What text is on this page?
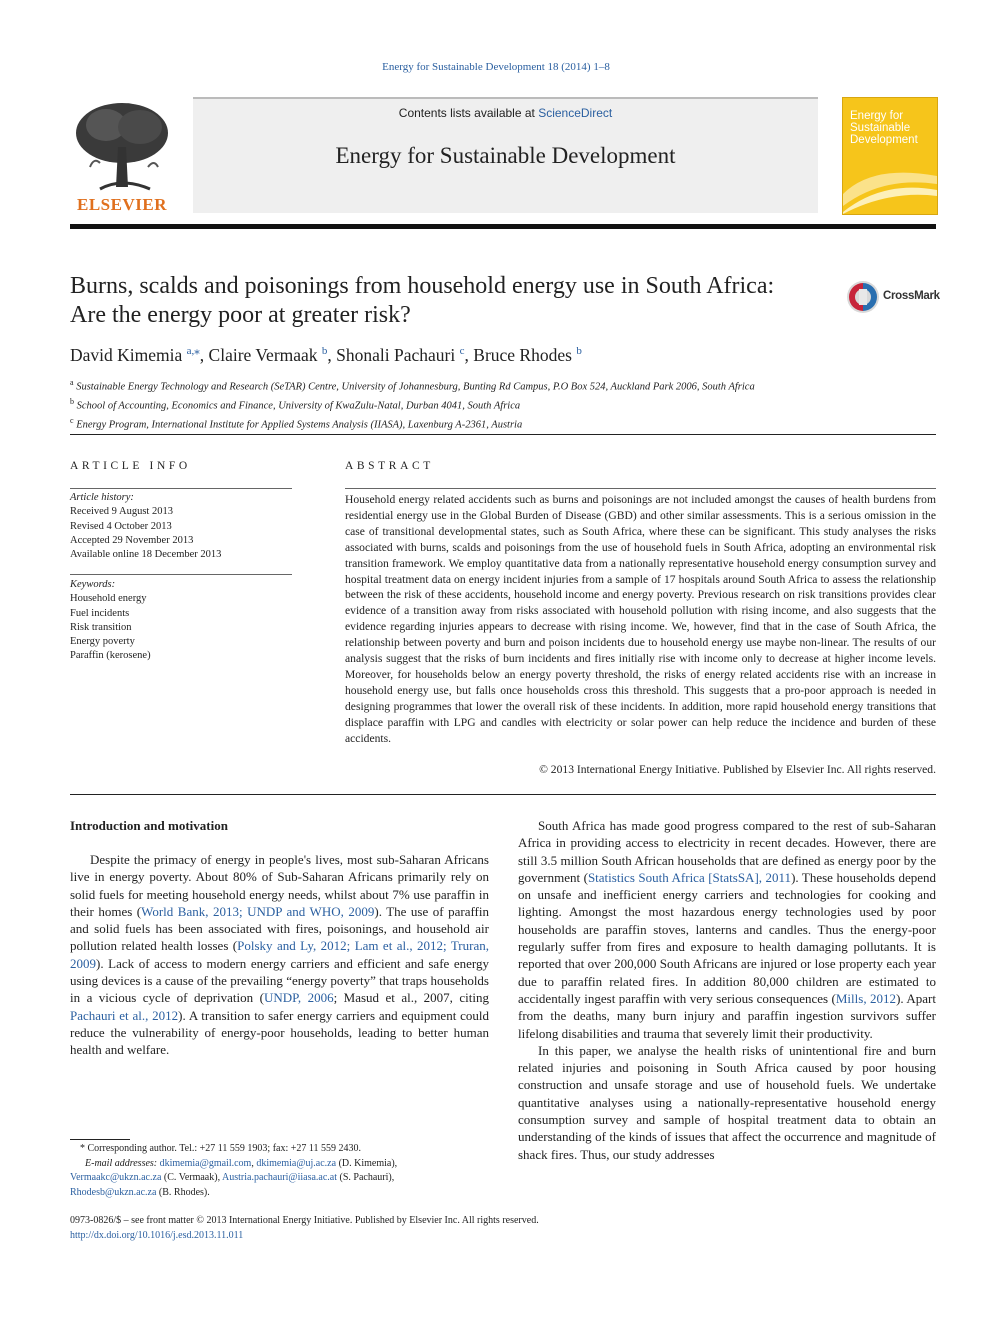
Energy for Sustainable Development 18 (2014) 1–8
ELSEVIER
Contents lists available at ScienceDirect
Energy for Sustainable Development
Energy for Sustainable Development
Burns, scalds and poisonings from household energy use in South Africa:
Are the energy poor at greater risk?
CrossMark
David Kimemia $^{a,⁎}$, Claire Vermaak $^b$, Shonali Pachauri $^c$, Bruce Rhodes $^b$
$^a$ Sustainable Energy Technology and Research (SeTAR) Centre, University of Johannesburg, Bunting Rd Campus, P.O Box 524, Auckland Park 2006, South Africa
$^b$ School of Accounting, Economics and Finance, University of KwaZulu-Natal, Durban 4041, South Africa
$^c$ Energy Program, International Institute for Applied Systems Analysis (IIASA), Laxenburg A-2361, Austria
ARTICLE INFO	ABSTRACT
Article history:
Received 9 August 2013
Revised 4 October 2013
Accepted 29 November 2013
Available online 18 December 2013
Keywords:
Household energy
Fuel incidents
Risk transition
Energy poverty
Paraffin (kerosene)
Household energy related accidents such as burns and poisonings are not included amongst the causes of health burdens from residential energy use in the Global Burden of Disease (GBD) and other similar assessments. This is a serious omission in the case of transitional developmental states, such as South Africa, where these can be significant. This study analyses the risks associated with burns, scalds and poisonings from the use of household fuels in South Africa, adopting an environmental risk transition framework. We employ quantitative data from a nationally representative household energy consumption survey and hospital treatment data on energy incident injuries from a sample of 17 hospitals around South Africa to assess the relationship between the risk of these accidents, household income and energy poverty. Previous research on risk transitions provides clear evidence of a transition away from risks associated with household pollution with rising income, and also suggests that the evidence regarding injuries appears to decrease with rising income. We, however, find that in the case of South Africa, the relationship between poverty and burn and poison incidents due to household energy use maybe non-linear. The results of our analysis suggest that the risks of burn incidents and fires initially rise with income only to decrease at higher income levels. Moreover, for households below an energy poverty threshold, the risks of energy related accidents rise with an increase in household energy use, but falls once households cross this threshold. This suggests that a pro-poor approach is needed in designing programmes that lower the overall risk of these incidents. In addition, more rapid household energy transitions that displace paraffin with LPG and candles with electricity or solar power can help reduce the incidence and burden of these accidents.
© 2013 International Energy Initiative. Published by Elsevier Inc. All rights reserved.
Introduction and motivation
Despite the primacy of energy in people's lives, most sub-Saharan Africans live in energy poverty. About 80% of Sub-Saharan Africans primarily rely on solid fuels for meeting household energy needs, whilst about 7% use paraffin in their homes (World Bank, 2013; UNDP and WHO, 2009). The use of paraffin and solid fuels has been associated with fires, poisonings, and household air pollution related health losses (Polsky and Ly, 2012; Lam et al., 2012; Truran, 2009). Lack of access to modern energy carriers and efficient and safe energy using devices is a cause of the prevailing “energy poverty” that traps households in a vicious cycle of deprivation (UNDP, 2006; Masud et al., 2007, citing Pachauri et al., 2012). A transition to safer energy carriers and equipment could reduce the vulnerability of energy-poor households, leading to better human health and welfare.

South Africa has made good progress compared to the rest of sub-Saharan Africa in providing access to electricity in recent decades. However, there are still 3.5 million South African households that are defined as energy poor by the government (Statistics South Africa [StatsSA], 2011). These households depend on unsafe and inefficient energy carriers and technologies for cooking and lighting. Amongst the most hazardous energy technologies used by poor households are paraffin stoves, lanterns and candles. Thus the energy-poor regularly suffer from fires and exposure to health damaging pollutants. It is reported that over 200,000 South Africans are injured or lose property each year due to paraffin related fires. In addition 80,000 children are estimated to accidentally ingest paraffin with very serious consequences (Mills, 2012). Apart from the deaths, many burn injury and paraffin ingestion survivors suffer lifelong disabilities and trauma that severely limit their productivity.

In this paper, we analyse the health risks of unintentional fire and burn related injuries and poisoning in South Africa caused by poor housing construction and unsafe storage and use of household fuels. We undertake quantitative analyses using a nationally-representative household energy consumption survey and sample of hospital treatment data to obtain an understanding of the kinds of issues that affect the occurrence and magnitude of shack fires. Thus, our study addresses

* Corresponding author. Tel.: +27 11 559 1903; fax: +27 11 559 2430.
E-mail addresses: dkimemia@gmail.com, dkimemia@uj.ac.za (D. Kimemia),
Vermaakc@ukzn.ac.za (C. Vermaak), Austria.pachauri@iiasa.ac.at (S. Pachauri),
Rhodesb@ukzn.ac.za (B. Rhodes).
0973-0826/$ – see front matter © 2013 International Energy Initiative. Published by Elsevier Inc. All rights reserved.
http://dx.doi.org/10.1016/j.esd.2013.11.011
